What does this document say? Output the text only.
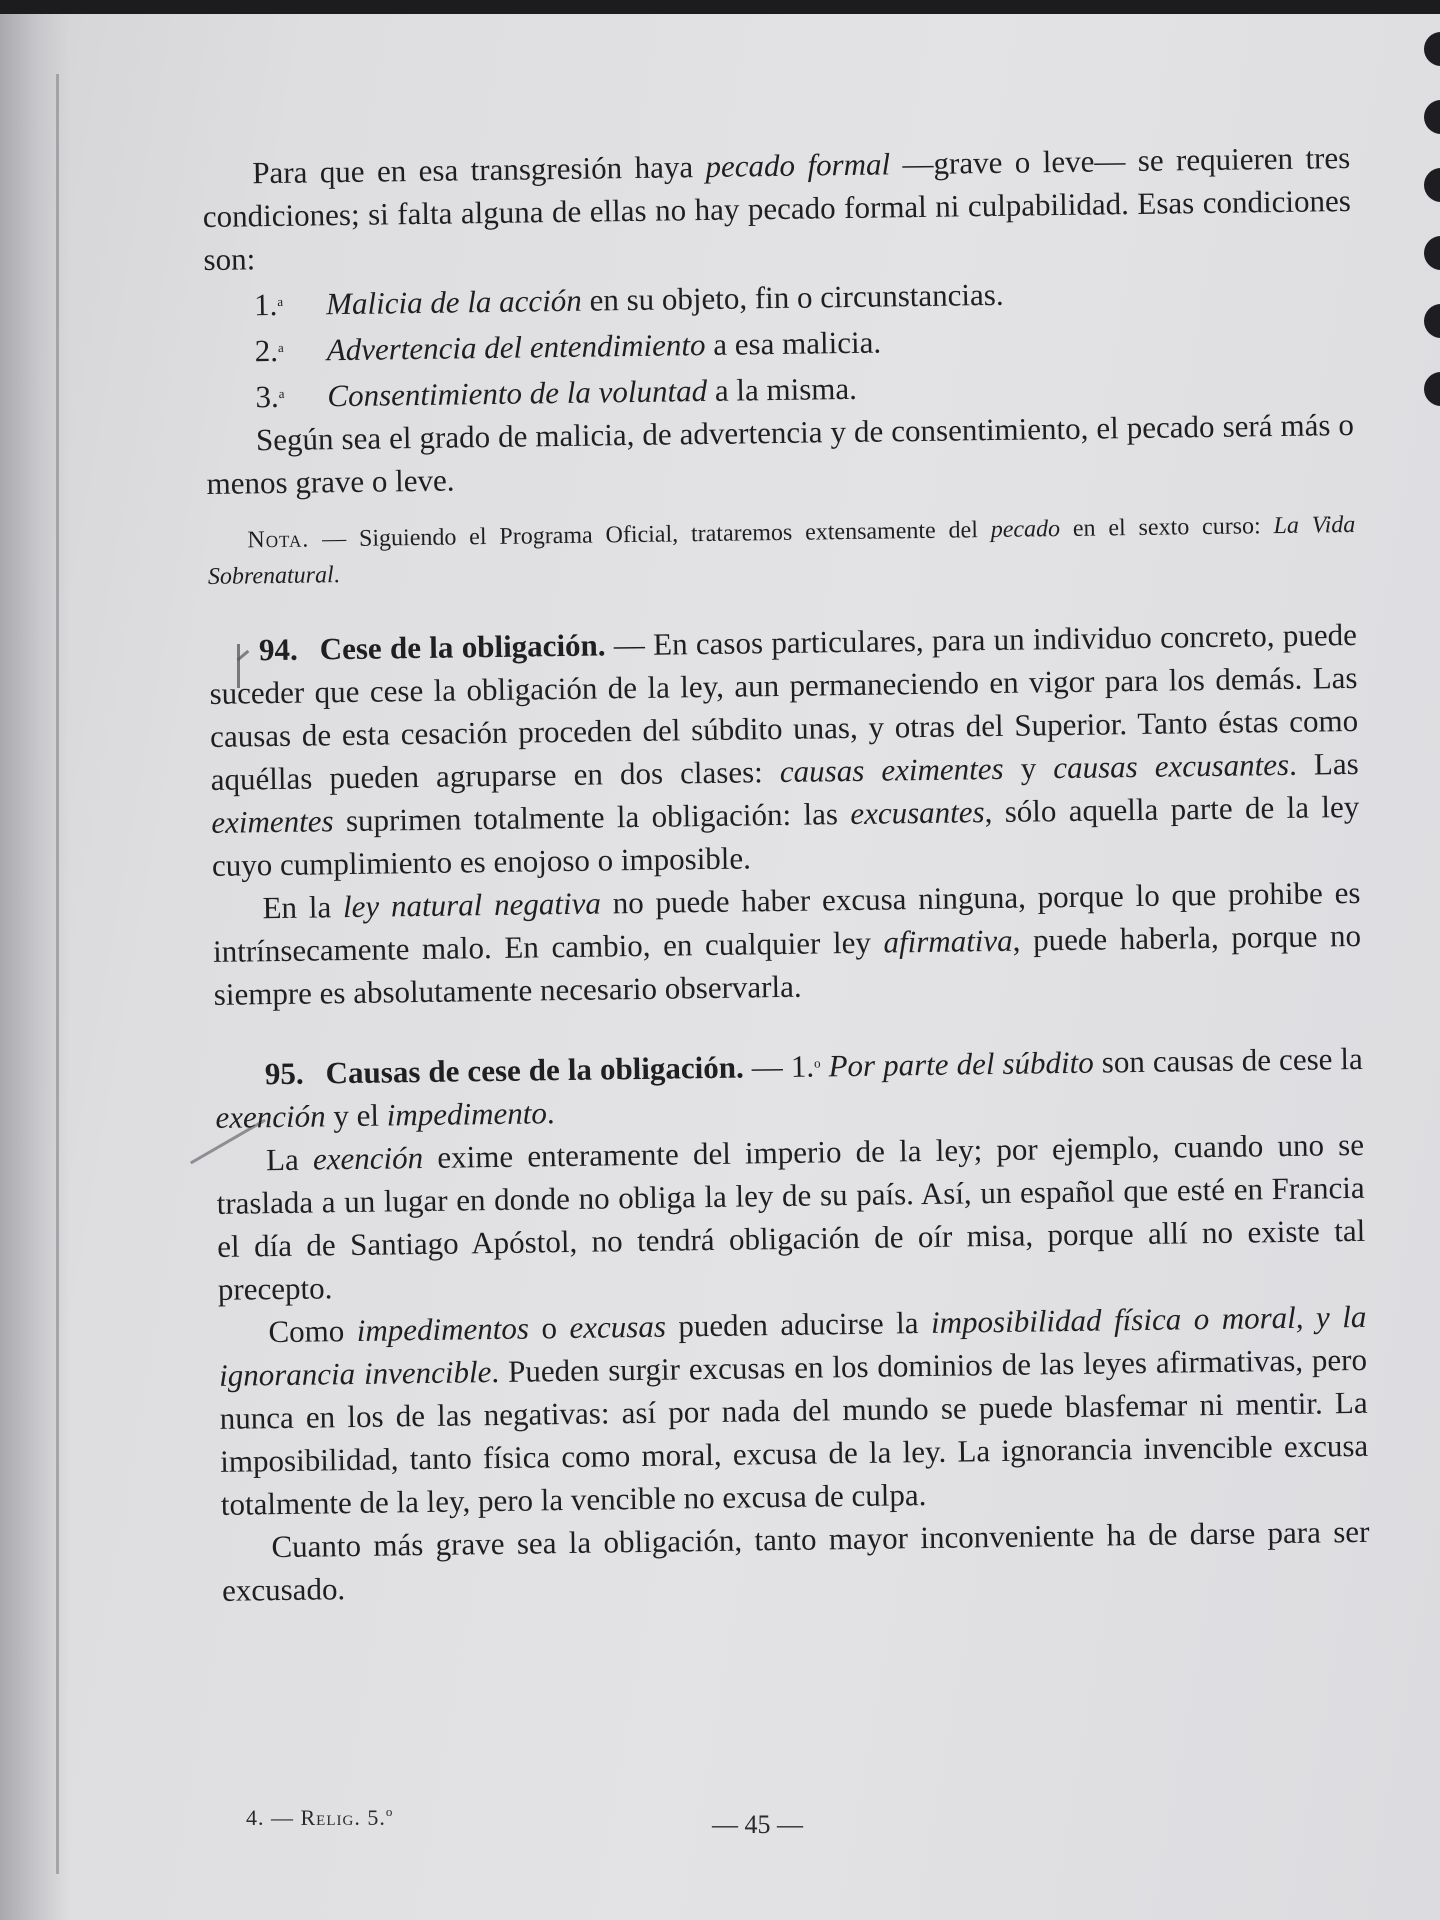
Para que en esa transgresión haya pecado formal —grave o leve— se requieren tres condiciones; si falta alguna de ellas no hay pecado formal ni culpabilidad. Esas condiciones son:

1.$^a$ Malicia de la acción en su objeto, fin o circunstancias.

2.$^a$ Advertencia del entendimiento a esa malicia.

3.$^a$ Consentimiento de la voluntad a la misma.

Según sea el grado de malicia, de advertencia y de consentimiento, el pecado será más o menos grave o leve.

Nota. — Siguiendo el Programa Oficial, trataremos extensamente del pecado en el sexto curso: La Vida Sobrenatural.

94. Cese de la obligación. — En casos particulares, para un individuo concreto, puede suceder que cese la obligación de la ley, aun permaneciendo en vigor para los demás. Las causas de esta cesación proceden del súbdito unas, y otras del Superior. Tanto éstas como aquéllas pueden agruparse en dos clases: causas eximentes y causas excusantes. Las eximentes suprimen totalmente la obligación: las excusantes, sólo aquella parte de la ley cuyo cumplimiento es enojoso o imposible.

En la ley natural negativa no puede haber excusa ninguna, porque lo que prohibe es intrínsecamente malo. En cambio, en cualquier ley afirmativa, puede haberla, porque no siempre es absolutamente necesario observarla.

95. Causas de cese de la obligación. — 1.$^o$ Por parte del súbdito son causas de cese la exención y el impedimento.

La exención exime enteramente del imperio de la ley; por ejemplo, cuando uno se traslada a un lugar en donde no obliga la ley de su país. Así, un español que esté en Francia el día de Santiago Apóstol, no tendrá obligación de oír misa, porque allí no existe tal precepto.

Como impedimentos o excusas pueden aducirse la imposibilidad física o moral, y la ignorancia invencible. Pueden surgir excusas en los dominios de las leyes afirmativas, pero nunca en los de las negativas: así por nada del mundo se puede blasfemar ni mentir. La imposibilidad, tanto física como moral, excusa de la ley. La ignorancia invencible excusa totalmente de la ley, pero la vencible no excusa de culpa.

Cuanto más grave sea la obligación, tanto mayor inconveniente ha de darse para ser excusado.

4. — Relig. 5.$^o$	— 45 —
